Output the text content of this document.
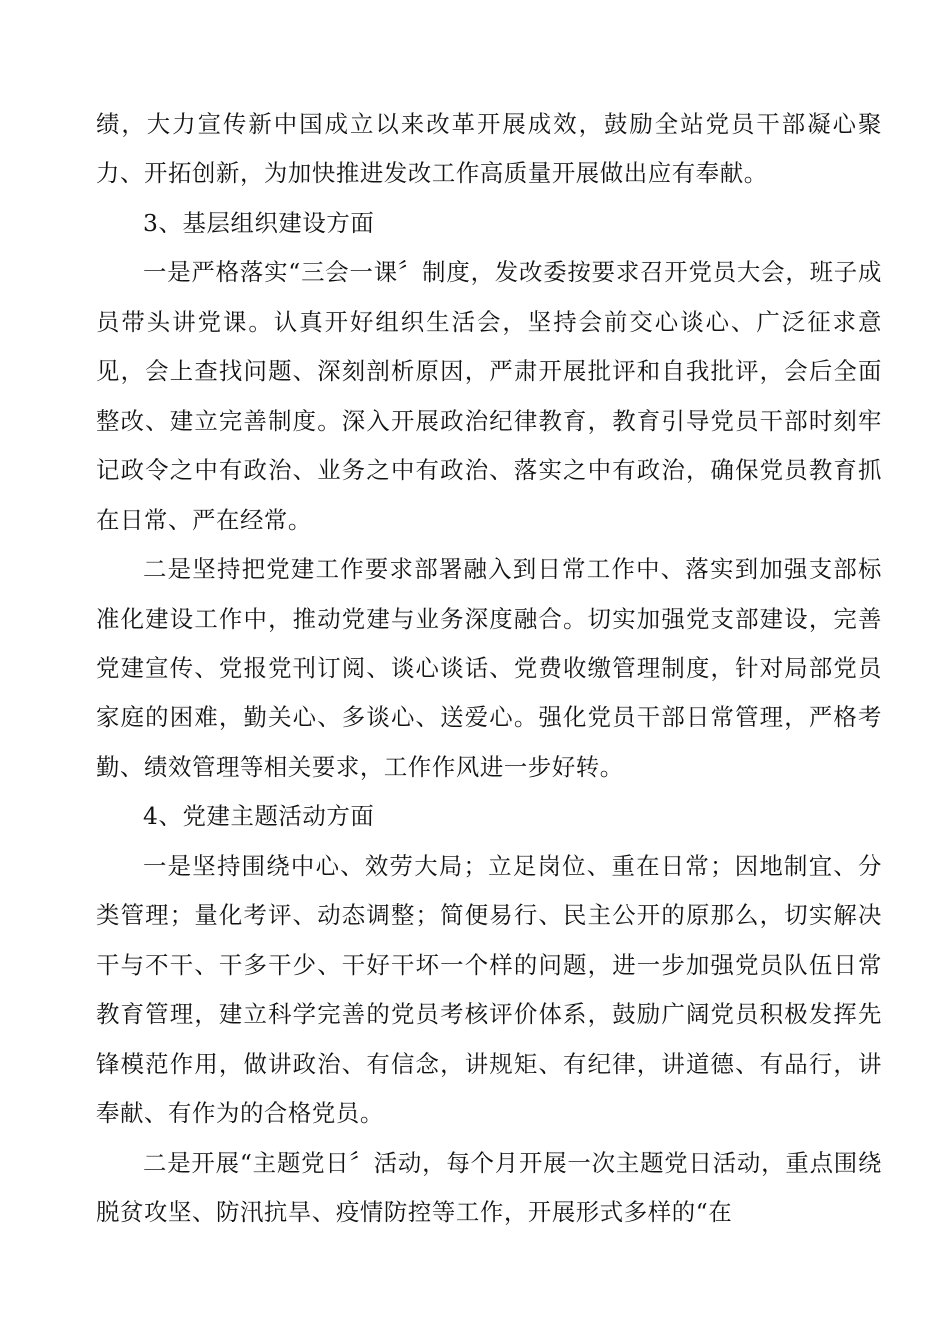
绩，大力宣传新中国成立以来改革开展成效，鼓励全站党员干部凝心聚力、开拓创新，为加快推进发改工作高质量开展做出应有奉献。

3、基层组织建设方面

一是严格落实“三会一课〞制度，发改委按要求召开党员大会，班子成员带头讲党课。认真开好组织生活会，坚持会前交心谈心、广泛征求意见，会上查找问题、深刻剖析原因，严肃开展批评和自我批评，会后全面整改、建立完善制度。深入开展政治纪律教育，教育引导党员干部时刻牢记政令之中有政治、业务之中有政治、落实之中有政治，确保党员教育抓在日常、严在经常。

二是坚持把党建工作要求部署融入到日常工作中、落实到加强支部标准化建设工作中，推动党建与业务深度融合。切实加强党支部建设，完善党建宣传、党报党刊订阅、谈心谈话、党费收缴管理制度，针对局部党员家庭的困难，勤关心、多谈心、送爱心。强化党员干部日常管理，严格考勤、绩效管理等相关要求，工作作风进一步好转。

4、党建主题活动方面

一是坚持围绕中心、效劳大局；立足岗位、重在日常；因地制宜、分类管理；量化考评、动态调整；简便易行、民主公开的原那么，切实解决干与不干、干多干少、干好干坏一个样的问题，进一步加强党员队伍日常教育管理，建立科学完善的党员考核评价体系，鼓励广阔党员积极发挥先锋模范作用，做讲政治、有信念，讲规矩、有纪律，讲道德、有品行，讲奉献、有作为的合格党员。

二是开展“主题党日〞活动，每个月开展一次主题党日活动，重点围绕脱贫攻坚、防汛抗旱、疫情防控等工作，开展形式多样的“在
